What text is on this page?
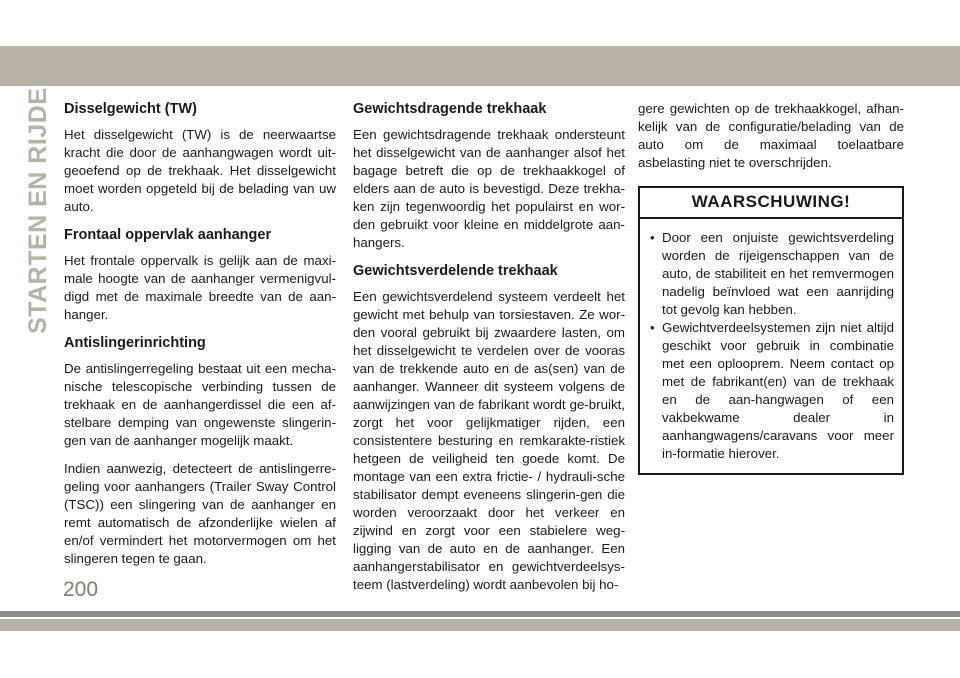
STARTEN EN RIJDEN Disselgewicht (TW)

Het disselgewicht (TW) is de neerwaartse kracht die door de aanhangwagen wordt uit-geoefend op de trekhaak. Het disselgewicht moet worden opgeteld bij de belading van uw auto.

Frontaal oppervlak aanhanger

Het frontale oppervalk is gelijk aan de maxi-male hoogte van de aanhanger vermenigvul-digd met de maximale breedte van de aan-hanger.

Antislingerinrichting

De antislingerregeling bestaat uit een mecha-nische telescopische verbinding tussen de trekhaak en de aanhangerdissel die een af-stelbare demping van ongewenste slingerin-gen van de aanhanger mogelijk maakt.

Indien aanwezig, detecteert de antislingerre-geling voor aanhangers (Trailer Sway Control (TSC)) een slingering van de aanhanger en remt automatisch de afzonderlijke wielen af en/of vermindert het motorvermogen om het slingeren tegen te gaan.

Gewichtsdragende trekhaak

Een gewichtsdragende trekhaak ondersteunt het disselgewicht van de aanhanger alsof het bagage betreft die op de trekhaakkogel of elders aan de auto is bevestigd. Deze trekha-ken zijn tegenwoordig het populairst en wor-den gebruikt voor kleine en middelgrote aan-hangers.

Gewichtsverdelende trekhaak

Een gewichtsverdelend systeem verdeelt het gewicht met behulp van torsiestaven. Ze wor-den vooral gebruikt bij zwaardere lasten, om het disselgewicht te verdelen over de vooras van de trekkende auto en de as(sen) van de aanhanger. Wanneer dit systeem volgens de aanwijzingen van de fabrikant wordt ge-bruikt, zorgt het voor gelijkmatiger rijden, een consistentere besturing en remkarakte-ristiek hetgeen de veiligheid ten goede komt. De montage van een extra frictie- / hydrauli-sche stabilisator dempt eveneens slingerin-gen die worden veroorzaakt door het verkeer en zijwind en zorgt voor een stabielere weg-ligging van de auto en de aanhanger. Een aanhangerstabilisator en gewichtverdeelsys-teem (lastverdeling) wordt aanbevolen bij ho-

gere gewichten op de trekhaakkogel, afhan-kelijk van de configuratie/belading van de auto om de maximaal toelaatbare asbelasting niet te overschrijden.

WAARSCHUWING!
• Door een onjuiste gewichtsverdeling worden de rijeigenschappen van de auto, de stabiliteit en het remvermogen nadelig beïnvloed wat een aanrijding tot gevolg kan hebben.
• Gewichtverdeelsystemen zijn niet altijd geschikt voor gebruik in combinatie met een oplooprem. Neem contact op met de fabrikant(en) van de trekhaak en de aan-hangwagen of een vakbekwame dealer in aanhangwagens/caravans voor meer in-formatie hierover.
200
